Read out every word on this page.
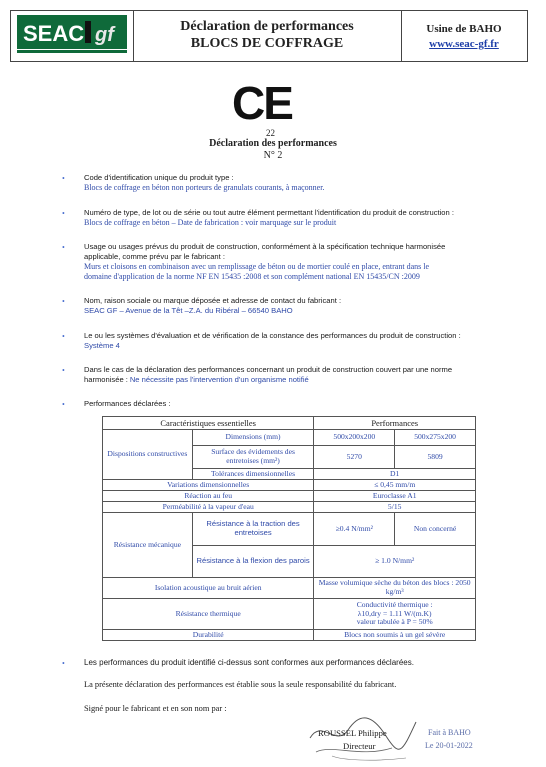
SEAC gf	Déclaration de performances
BLOCS DE COFFRAGE
Usine de BAHO
www.seac-gf.fr
CE
22
Déclaration des performances
N° 2
•	Code d'identification unique du produit type :
Blocs de coffrage en béton non porteurs de granulats courants, à maçonner.
•	Numéro de type, de lot ou de série ou tout autre élément permettant l'identification du produit de construction :
Blocs de coffrage en béton – Date de fabrication : voir marquage sur le produit
•	Usage ou usages prévus du produit de construction, conformément à la spécification technique harmonisée
applicable, comme prévu par le fabricant :
Murs et cloisons en combinaison avec un remplissage de béton ou de mortier coulé en place, entrant dans le
domaine d'application de la norme NF EN 15435 :2008 et son complément national EN 15435/CN :2009
•	Nom, raison sociale ou marque déposée et adresse de contact du fabricant :
SEAC GF – Avenue de la Têt –Z.A. du Ribéral – 66540 BAHO
•	Le ou les systèmes d'évaluation et de vérification de la constance des performances du produit de construction :
Système 4
•	Dans le cas de la déclaration des performances concernant un produit de construction couvert par une norme
harmonisée : Ne nécessite pas l'intervention d'un organisme notifié
•	Performances déclarées :
Caractéristiques essentielles		Performances	
Dispositions constructives	Dimensions (mm)	500x200x200	500x275x200
	Surface des évidements des entretoises (mm²)	5270	5809
	Tolérances dimensionnelles	D1	
Variations dimensionnelles		≤ 0,45 mm/m	
Réaction au feu		Euroclasse A1	
Perméabilité à la vapeur d'eau		5/15	
Résistance mécanique	Résistance à la traction des entretoises	≥0.4 N/mm²	Non concerné
	Résistance à la flexion des parois	≥ 1.0 N/mm²	
Isolation acoustique au bruit aérien		Masse volumique sèche du béton des blocs : 2050 kg/m³	
Résistance thermique		Conductivité thermique :
λ10,dry = 1.11 W/(m.K)
valeur tabulée à P = 50%	

Durabilité		Blocs non soumis à un gel sévère	
• Les performances du produit identifié ci-dessus sont conformes aux performances déclarées.
La présente déclaration des performances est établie sous la seule responsabilité du fabricant.
Signé pour le fabricant et en son nom par :
ROUSSEL Philippe
Directeur
Fait à BAHO
Le 20-01-2022
